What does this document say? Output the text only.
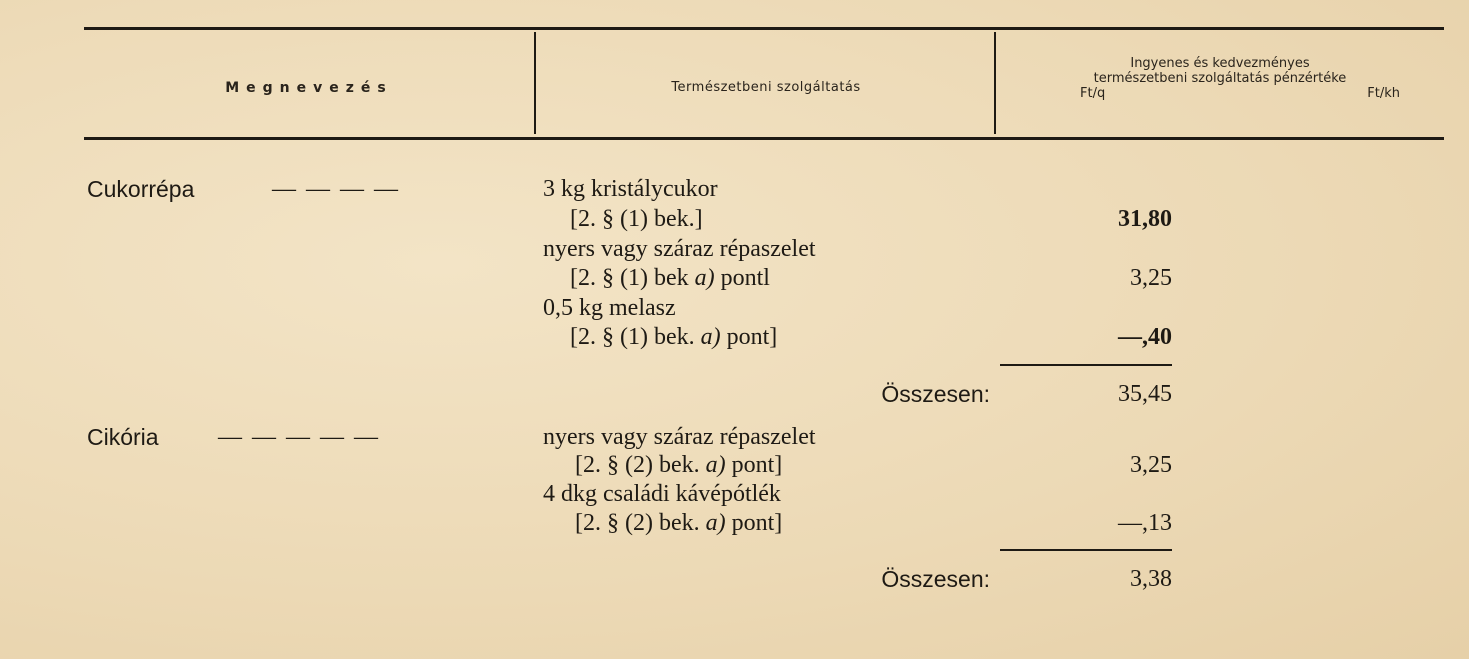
Megnevezés	Természetbeni szolgáltatás
Ingyenes és kedvezményes
természetbeni szolgáltatás pénzértéke
Ft/q	Ft/kh
Cukorrépa	— — — —	3 kg kristálycukor
[2. § (1) bek.]	31,80
nyers vagy száraz répaszelet
[2. § (1) bek a) pontl	3,25
0,5 kg melasz
[2. § (1) bek. a) pont]	—,40
Összesen:	35,45
Cikória — — — — —	nyers vagy száraz répaszelet
[2. § (2) bek. a) pont]	3,25
4 dkg családi kávépótlék
[2. § (2) bek. a) pont]	—,13
Összesen:	3,38
